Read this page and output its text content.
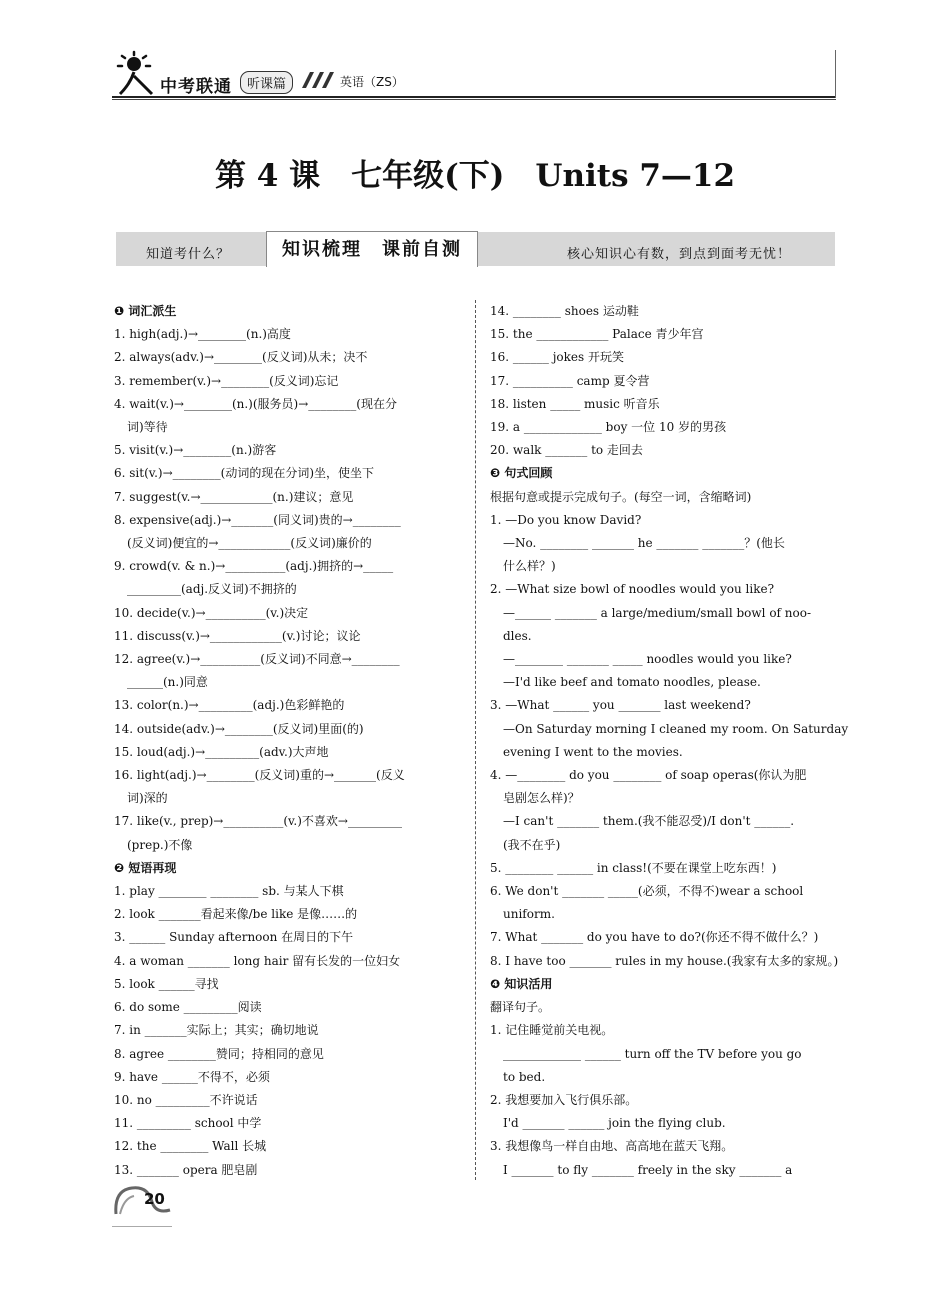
中考联通	听课篇	英语（ZS）
第 4 课　七年级(下)　Units 7—12
知道考什么？	知识梳理　课前自测	核心知识心有数，到点到面考无忧！
❶ 词汇派生
1. high(adj.)→________(n.)高度
2. always(adv.)→________(反义词)从未；决不
3. remember(v.)→________(反义词)忘记
4. wait(v.)→________(n.)(服务员)→________(现在分
词)等待
5. visit(v.)→________(n.)游客
6. sit(v.)→________(动词的现在分词)坐，使坐下
7. suggest(v.→____________(n.)建议；意见
8. expensive(adj.)→_______(同义词)贵的→________
(反义词)便宜的→____________(反义词)廉价的
9. crowd(v. & n.)→__________(adj.)拥挤的→_____
_________(adj.反义词)不拥挤的
10. decide(v.)→__________(v.)决定
11. discuss(v.)→____________(v.)讨论；议论
12. agree(v.)→__________(反义词)不同意→________
______(n.)同意
13. color(n.)→_________(adj.)色彩鲜艳的
14. outside(adv.)→________(反义词)里面(的)
15. loud(adj.)→_________(adv.)大声地
16. light(adj.)→________(反义词)重的→_______(反义
词)深的
17. like(v., prep)→__________(v.)不喜欢→_________
(prep.)不像
❷ 短语再现
1. play ________ ________ sb. 与某人下棋
2. look _______看起来像/be like 是像……的
3. ______ Sunday afternoon 在周日的下午
4. a woman _______ long hair 留有长发的一位妇女
5. look ______寻找
6. do some _________阅读
7. in _______实际上；其实；确切地说
8. agree ________赞同；持相同的意见
9. have ______不得不，必须
10. no _________不许说话
11. _________ school 中学
12. the ________ Wall 长城
13. _______ opera 肥皂剧
14. ________ shoes 运动鞋
15. the ____________ Palace 青少年宫
16. ______ jokes 开玩笑
17. __________ camp 夏令营
18. listen _____ music 听音乐
19. a _____________ boy 一位 10 岁的男孩
20. walk _______ to 走回去
❸ 句式回顾
根据句意或提示完成句子。(每空一词，含缩略词)
1. —Do you know David?
—No. ________ _______ he _______ _______？(他长
什么样？)
2. —What size bowl of noodles would you like?
—______ _______ a large/medium/small bowl of noo-
dles.
—________ _______ _____ noodles would you like?
—I'd like beef and tomato noodles, please.
3. —What ______ you _______ last weekend?
—On Saturday morning I cleaned my room. On Saturday
evening I went to the movies.
4. —________ do you ________ of soap operas(你认为肥
皂剧怎么样)？
—I can't _______ them.(我不能忍受)/I don't ______.
(我不在乎)
5. ________ ______ in class!(不要在课堂上吃东西！)
6. We don't _______ _____(必须，不得不)wear a school
uniform.
7. What _______ do you have to do?(你还不得不做什么？)
8. I have too _______ rules in my house.(我家有太多的家规。)
❹ 知识活用
翻译句子。
1. 记住睡觉前关电视。
_____________ ______ turn off the TV before you go
to bed.
2. 我想要加入飞行俱乐部。
I'd _______ ______ join the flying club.
3. 我想像鸟一样自由地、高高地在蓝天飞翔。
I _______ to fly _______ freely in the sky _______ a
20
